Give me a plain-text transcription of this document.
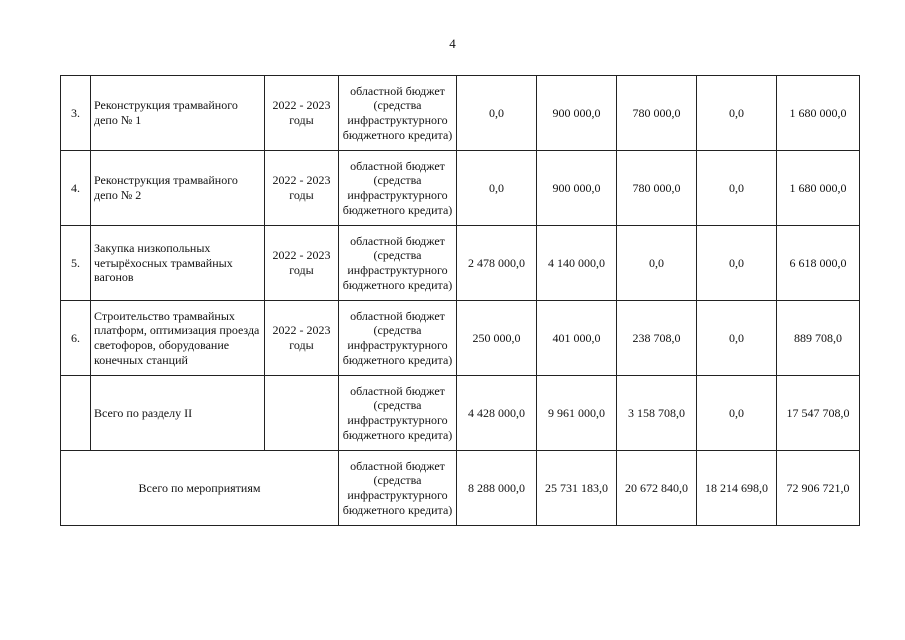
4
3.	Реконструкция трамвайного депо № 1	2022 - 2023 годы	областной бюджет (средства инфраструктурного бюджетного кредита)	0,0	900 000,0	780 000,0	0,0	1 680 000,0
4.	Реконструкция трамвайного депо № 2	2022 - 2023 годы	областной бюджет (средства инфраструктурного бюджетного кредита)	0,0	900 000,0	780 000,0	0,0	1 680 000,0
5.	Закупка низкопольных четырёхосных трамвайных вагонов	2022 - 2023 годы	областной бюджет (средства инфраструктурного бюджетного кредита)	2 478 000,0	4 140 000,0	0,0	0,0	6 618 000,0
6.	Строительство трамвайных платформ, оптимизация проезда светофоров, оборудование конечных станций	2022 - 2023 годы	областной бюджет (средства инфраструктурного бюджетного кредита)	250 000,0	401 000,0	238 708,0	0,0	889 708,0
	Всего по разделу II		областной бюджет (средства инфраструктурного бюджетного кредита)	4 428 000,0	9 961 000,0	3 158 708,0	0,0	17 547 708,0
Всего по мероприятиям			областной бюджет (средства инфраструктурного бюджетного кредита)	8 288 000,0	25 731 183,0	20 672 840,0	18 214 698,0	72 906 721,0
